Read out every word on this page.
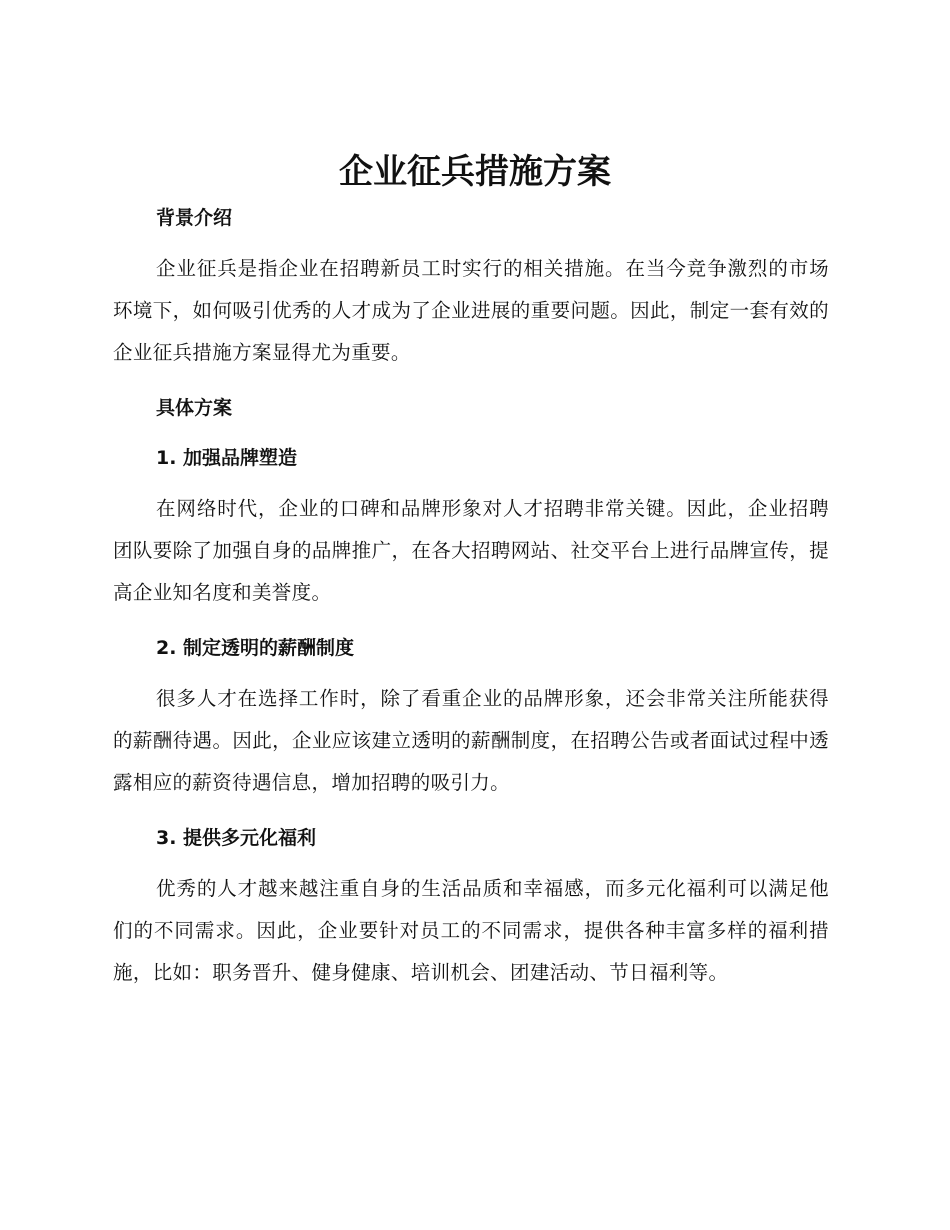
企业征兵措施方案
背景介绍

企业征兵是指企业在招聘新员工时实行的相关措施。在当今竞争激烈的市场环境下，如何吸引优秀的人才成为了企业进展的重要问题。因此，制定一套有效的企业征兵措施方案显得尤为重要。

具体方案
1. 加强品牌塑造

在网络时代，企业的口碑和品牌形象对人才招聘非常关键。因此，企业招聘团队要除了加强自身的品牌推广，在各大招聘网站、社交平台上进行品牌宣传，提高企业知名度和美誉度。

2. 制定透明的薪酬制度

很多人才在选择工作时，除了看重企业的品牌形象，还会非常关注所能获得的薪酬待遇。因此，企业应该建立透明的薪酬制度，在招聘公告或者面试过程中透露相应的薪资待遇信息，增加招聘的吸引力。

3. 提供多元化福利

优秀的人才越来越注重自身的生活品质和幸福感，而多元化福利可以满足他们的不同需求。因此，企业要针对员工的不同需求，提供各种丰富多样的福利措施，比如：职务晋升、健身健康、培训机会、团建活动、节日福利等。
